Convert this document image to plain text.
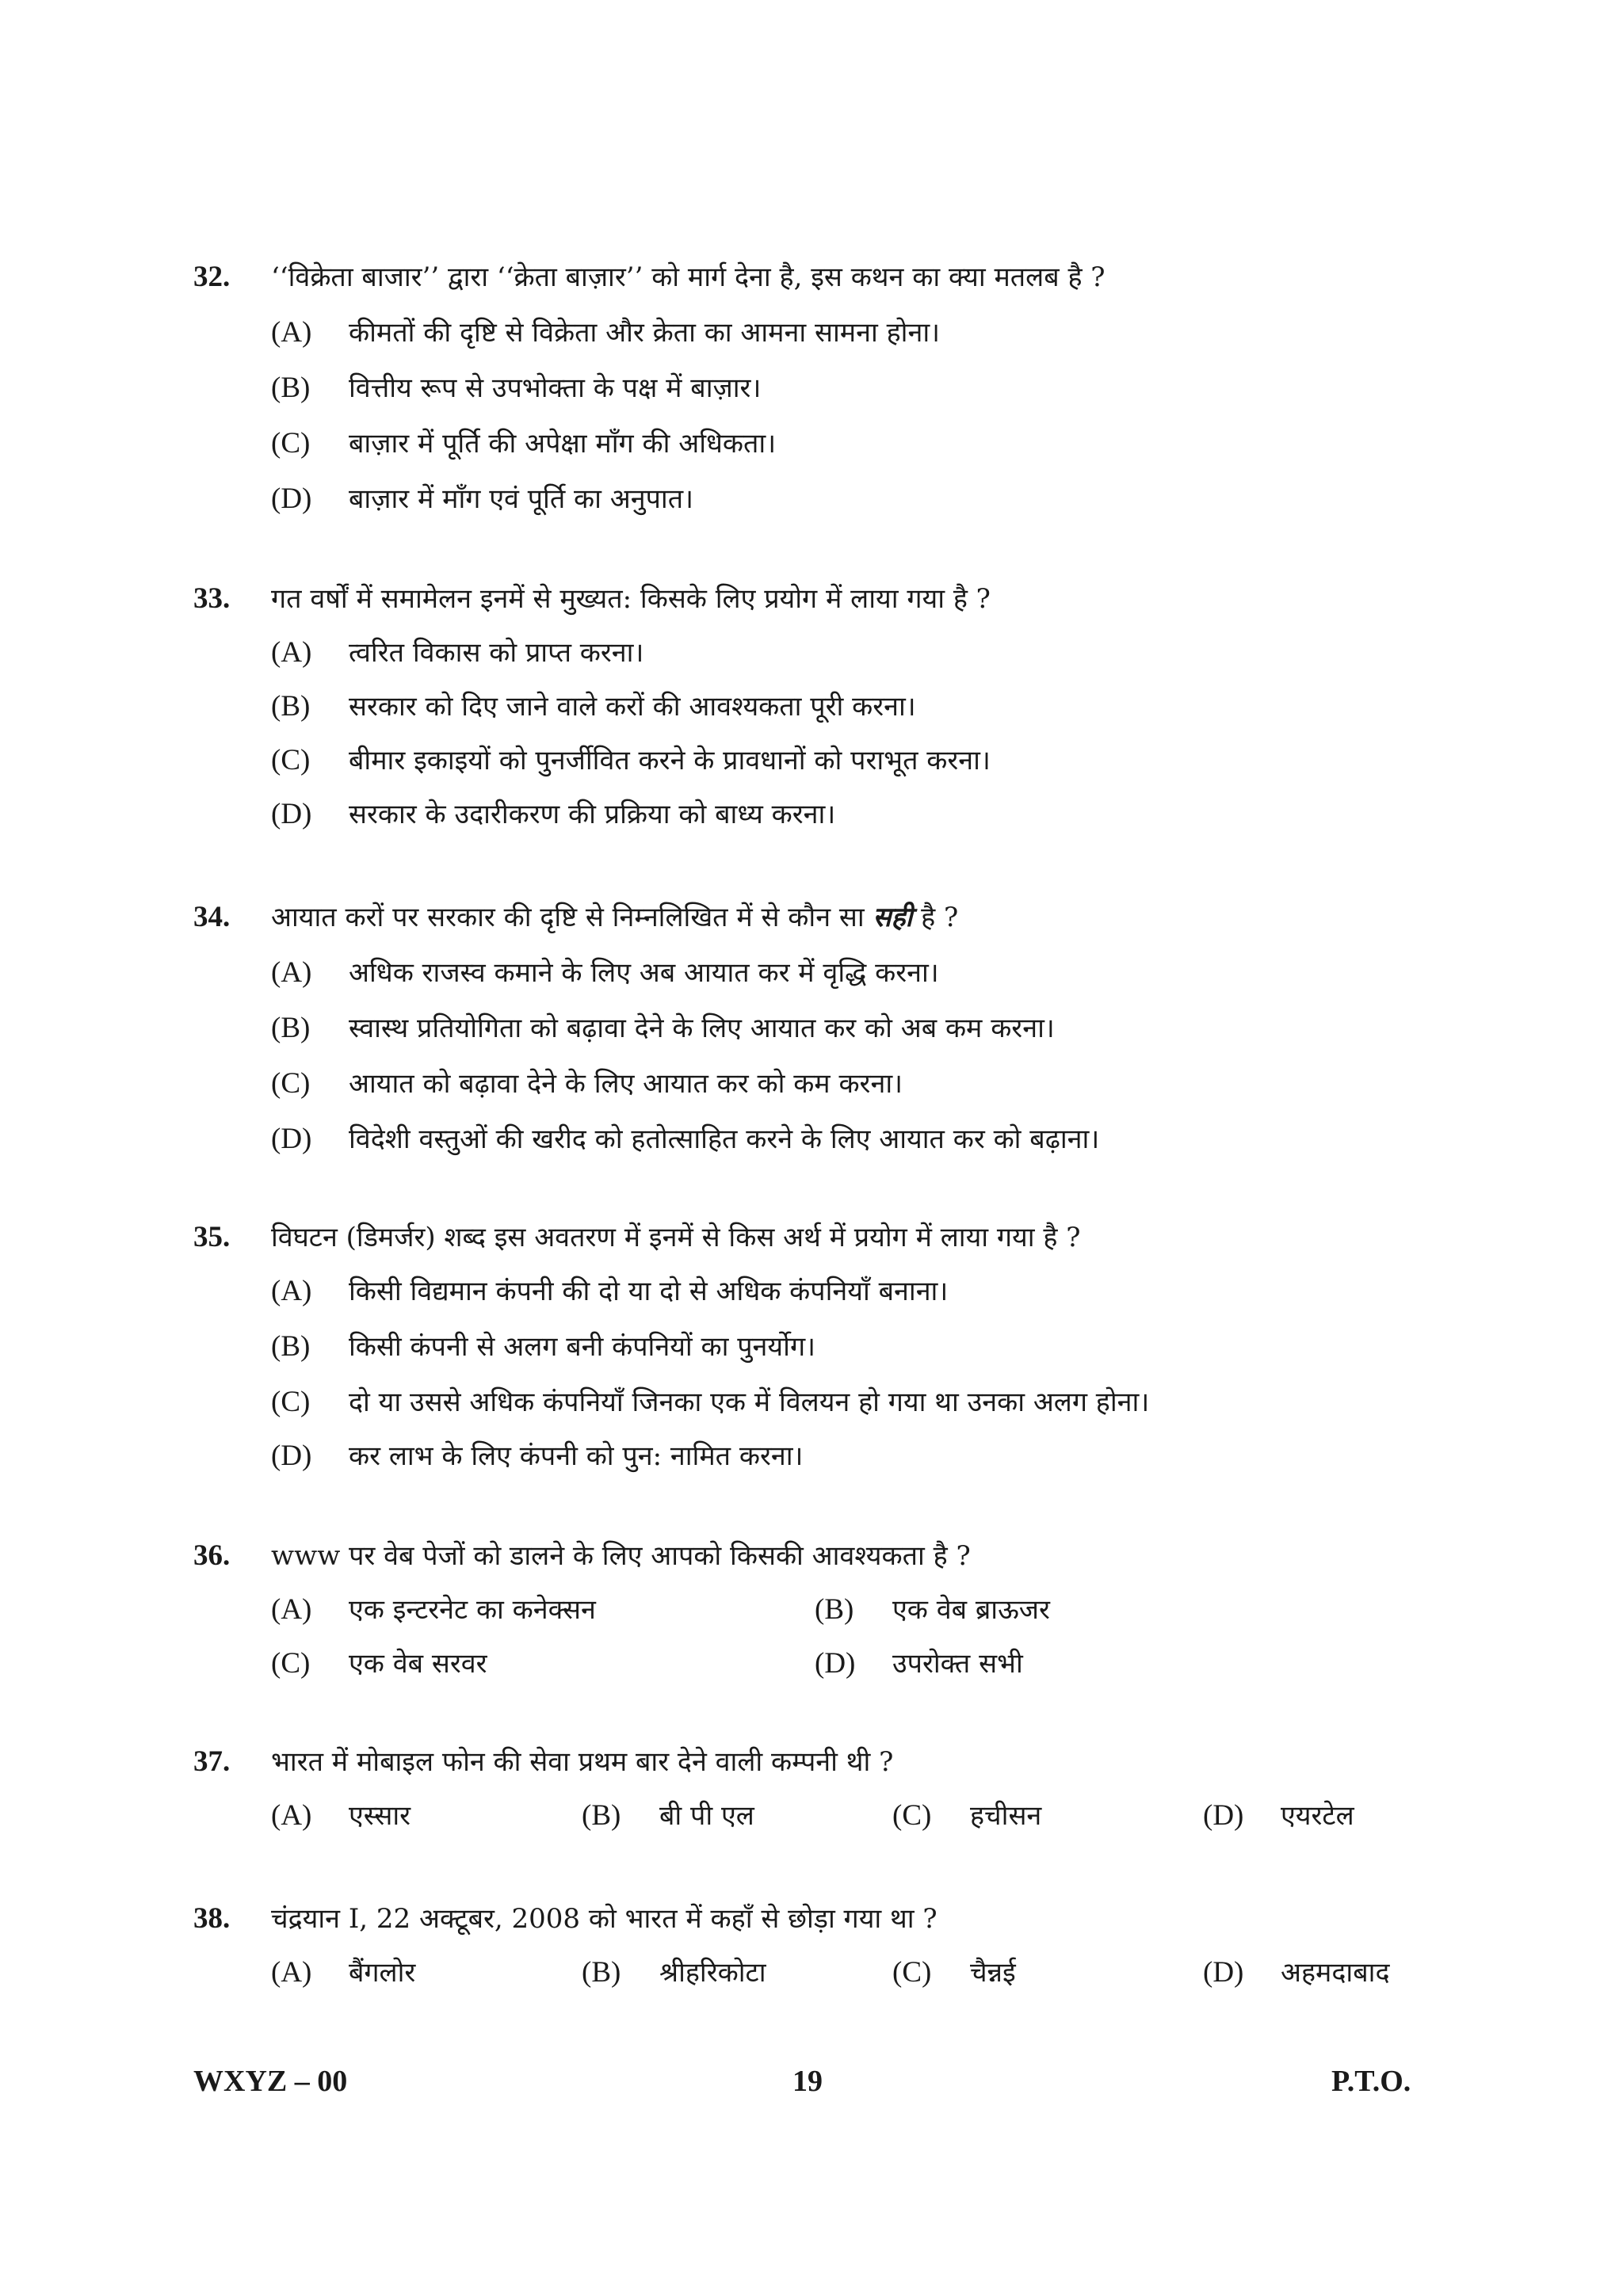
32. ‘‘विक्रेता बाजार’’ द्वारा ‘‘क्रेता बाज़ार’’ को मार्ग देना है, इस कथन का क्या मतलब है ?
(A) कीमतों की दृष्टि से विक्रेता और क्रेता का आमना सामना होना।
(B) वित्तीय रूप से उपभोक्ता के पक्ष में बाज़ार।
(C) बाज़ार में पूर्ति की अपेक्षा माँग की अधिकता।
(D) बाज़ार में माँग एवं पूर्ति का अनुपात।
33. गत वर्षों में समामेलन इनमें से मुख्यत: किसके लिए प्रयोग में लाया गया है ?
(A) त्वरित विकास को प्राप्त करना।
(B) सरकार को दिए जाने वाले करों की आवश्यकता पूरी करना।
(C) बीमार इकाइयों को पुनर्जीवित करने के प्रावधानों को पराभूत करना।
(D) सरकार के उदारीकरण की प्रक्रिया को बाध्य करना।
34. आयात करों पर सरकार की दृष्टि से निम्नलिखित में से कौन सा सही है ?
(A) अधिक राजस्व कमाने के लिए अब आयात कर में वृद्धि करना।
(B) स्वास्थ प्रतियोगिता को बढ़ावा देने के लिए आयात कर को अब कम करना।
(C) आयात को बढ़ावा देने के लिए आयात कर को कम करना।
(D) विदेशी वस्तुओं की खरीद को हतोत्साहित करने के लिए आयात कर को बढ़ाना।
35. विघटन (डिमर्जर) शब्द इस अवतरण में इनमें से किस अर्थ में प्रयोग में लाया गया है ?
(A) किसी विद्यमान कंपनी की दो या दो से अधिक कंपनियाँ बनाना।
(B) किसी कंपनी से अलग बनी कंपनियों का पुनर्योग।
(C) दो या उससे अधिक कंपनियाँ जिनका एक में विलयन हो गया था उनका अलग होना।
(D) कर लाभ के लिए कंपनी को पुन: नामित करना।
36. www पर वेब पेजों को डालने के लिए आपको किसकी आवश्यकता है ?
(A) एक इन्टरनेट का कनेक्सन	(B) एक वेब ब्राऊजर
(C) एक वेब सरवर	(D) उपरोक्त सभी
37. भारत में मोबाइल फोन की सेवा प्रथम बार देने वाली कम्पनी थी ?
(A) एस्सार	(B) बी पी एल	(C) हचीसन	(D) एयरटेल
38. चंद्रयान I, 22 अक्टूबर, 2008 को भारत में कहाँ से छोड़ा गया था ?
(A) बैंगलोर	(B) श्रीहरिकोटा	(C) चैन्नई	(D) अहमदाबाद
WXYZ – 00	19	P.T.O.
